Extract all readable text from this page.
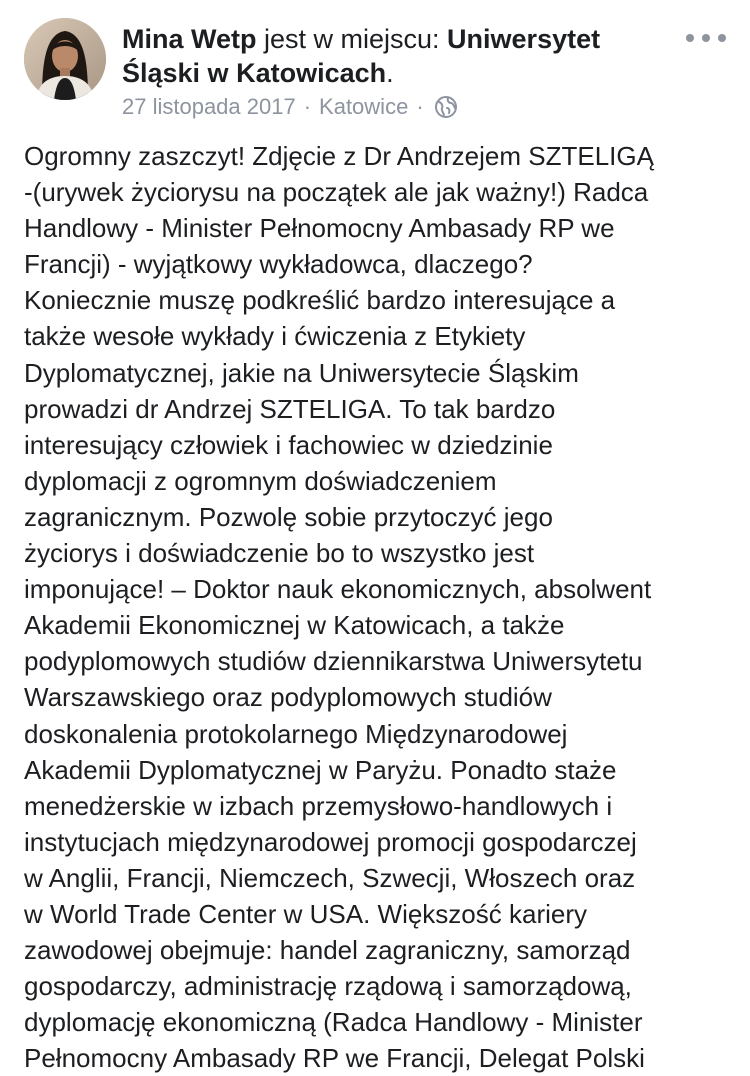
Mina Wetp jest w miejscu: Uniwersytet Śląski w Katowicach.
27 listopada 2017 · Katowice ·
Ogromny zaszczyt! Zdjęcie z Dr Andrzejem SZTELIGĄ
-(urywek życiorysu na początek ale jak ważny!) Radca
Handlowy - Minister Pełnomocny Ambasady RP we
Francji) - wyjątkowy wykładowca, dlaczego?
Koniecznie muszę podkreślić bardzo interesujące a
także wesołe wykłady i ćwiczenia z Etykiety
Dyplomatycznej, jakie na Uniwersytecie Śląskim
prowadzi dr Andrzej SZTELIGA. To tak bardzo
interesujący człowiek i fachowiec w dziedzinie
dyplomacji z ogromnym doświadczeniem
zagranicznym. Pozwolę sobie przytoczyć jego
życiorys i doświadczenie bo to wszystko jest
imponujące! – Doktor nauk ekonomicznych, absolwent
Akademii Ekonomicznej w Katowicach, a także
podyplomowych studiów dziennikarstwa Uniwersytetu
Warszawskiego oraz podyplomowych studiów
doskonalenia protokolarnego Międzynarodowej
Akademii Dyplomatycznej w Paryżu. Ponadto staże
menedżerskie w izbach przemysłowo-handlowych i
instytucjach międzynarodowej promocji gospodarczej
w Anglii, Francji, Niemczech, Szwecji, Włoszech oraz
w World Trade Center w USA. Większość kariery
zawodowej obejmuje: handel zagraniczny, samorząd
gospodarczy, administrację rządową i samorządową,
dyplomację ekonomiczną (Radca Handlowy - Minister
Pełnomocny Ambasady RP we Francji, Delegat Polski
